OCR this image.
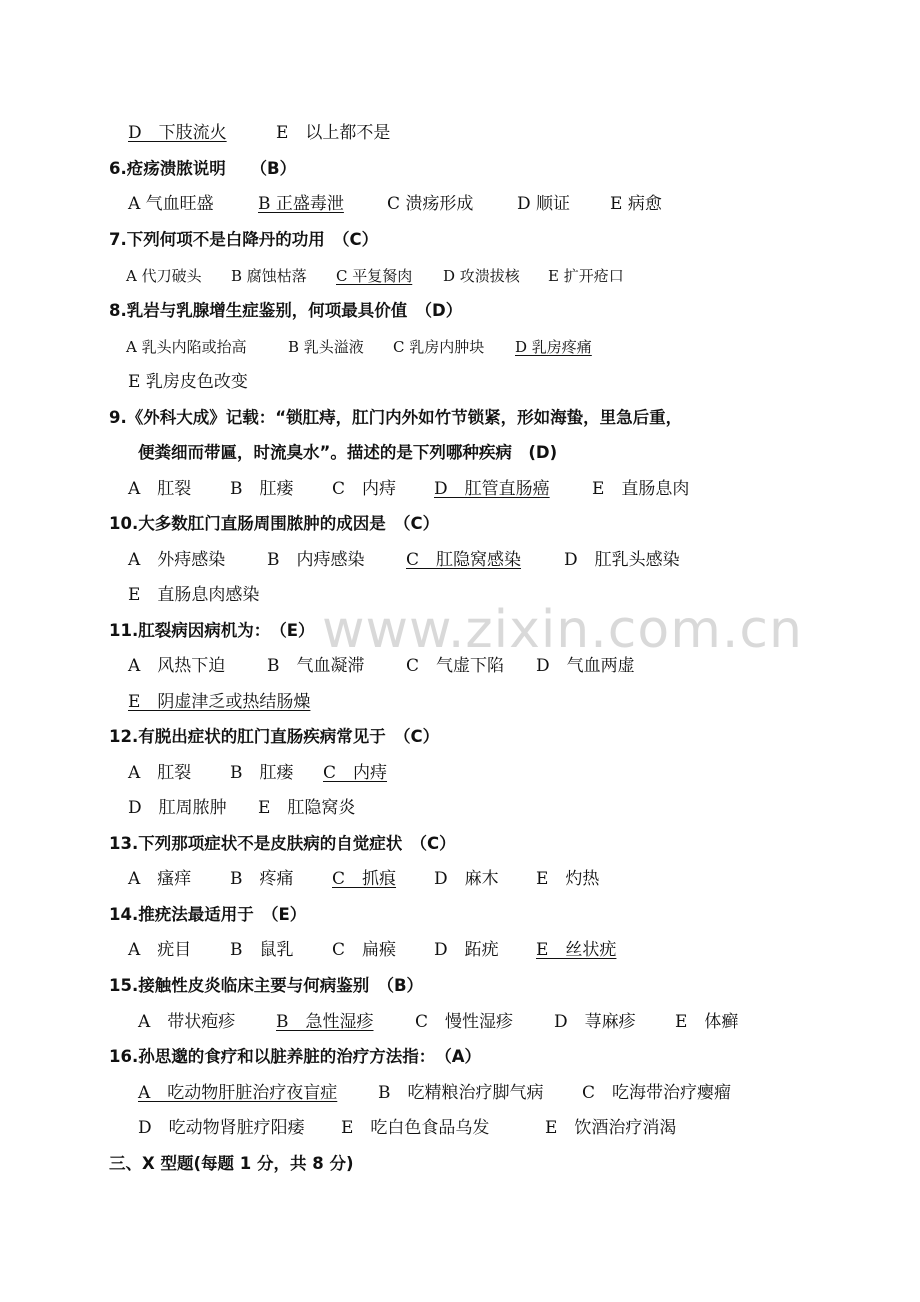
www.zixin.com.cn
D　下肢流火	E　以上都不是
6.疮疡溃脓说明　　（B）
A 气血旺盛	B 正盛毒泄	C 溃疡形成	D 顺证 E 病愈
7.下列何项不是白降丹的功用　（C）
A 代刀破头 B 腐蚀枯落 C 平复胬肉 D 攻溃拔核 E 扩开疮口
8.乳岩与乳腺增生症鉴别，何项最具价值　（D）
A 乳头内陷或抬高	B 乳头溢液 C 乳房内肿块 D 乳房疼痛
E 乳房皮色改变
9.《外科大成》记载：“锁肛痔，肛门内外如竹节锁紧，形如海蛰，里急后重，
便粪细而带匾，时流臭水”。描述的是下列哪种疾病　(D)
A　肛裂 B　肛瘘 C　内痔 D　肛管直肠癌 E　直肠息肉
10.大多数肛门直肠周围脓肿的成因是　（C）
A　外痔感染 B　内痔感染 C　肛隐窝感染	D　肛乳头感染
E　直肠息肉感染
11.肛裂病因病机为：　（E）
A　风热下迫 B　气血凝滞 C　气虚下陷 D　气血两虚
E　阴虚津乏或热结肠燥
12.有脱出症状的肛门直肠疾病常见于　（C）
A　肛裂 B　肛瘘 C　内痔
D　肛周脓肿 E　肛隐窝炎
13.下列那项症状不是皮肤病的自觉症状　（C）
A　瘙痒 B　疼痛 C　抓痕 D　麻木 E　灼热
14.推疣法最适用于　（E）
A　疣目 B　鼠乳 C　扁瘊 D　跖疣 E　丝状疣
15.接触性皮炎临床主要与何病鉴别　（B）
A　带状疱疹 B　急性湿疹 C　慢性湿疹 D　荨麻疹 E　体癣
16.孙思邈的食疗和以脏养脏的治疗方法指：　（A）
A　吃动物肝脏治疗夜盲症 B　吃精粮治疗脚气病 C　吃海带治疗瘿瘤
D　吃动物肾脏疗阳痿 E　吃白色食品乌发	E　饮酒治疗消渴
三、X 型题(每题 1 分，共 8 分)
